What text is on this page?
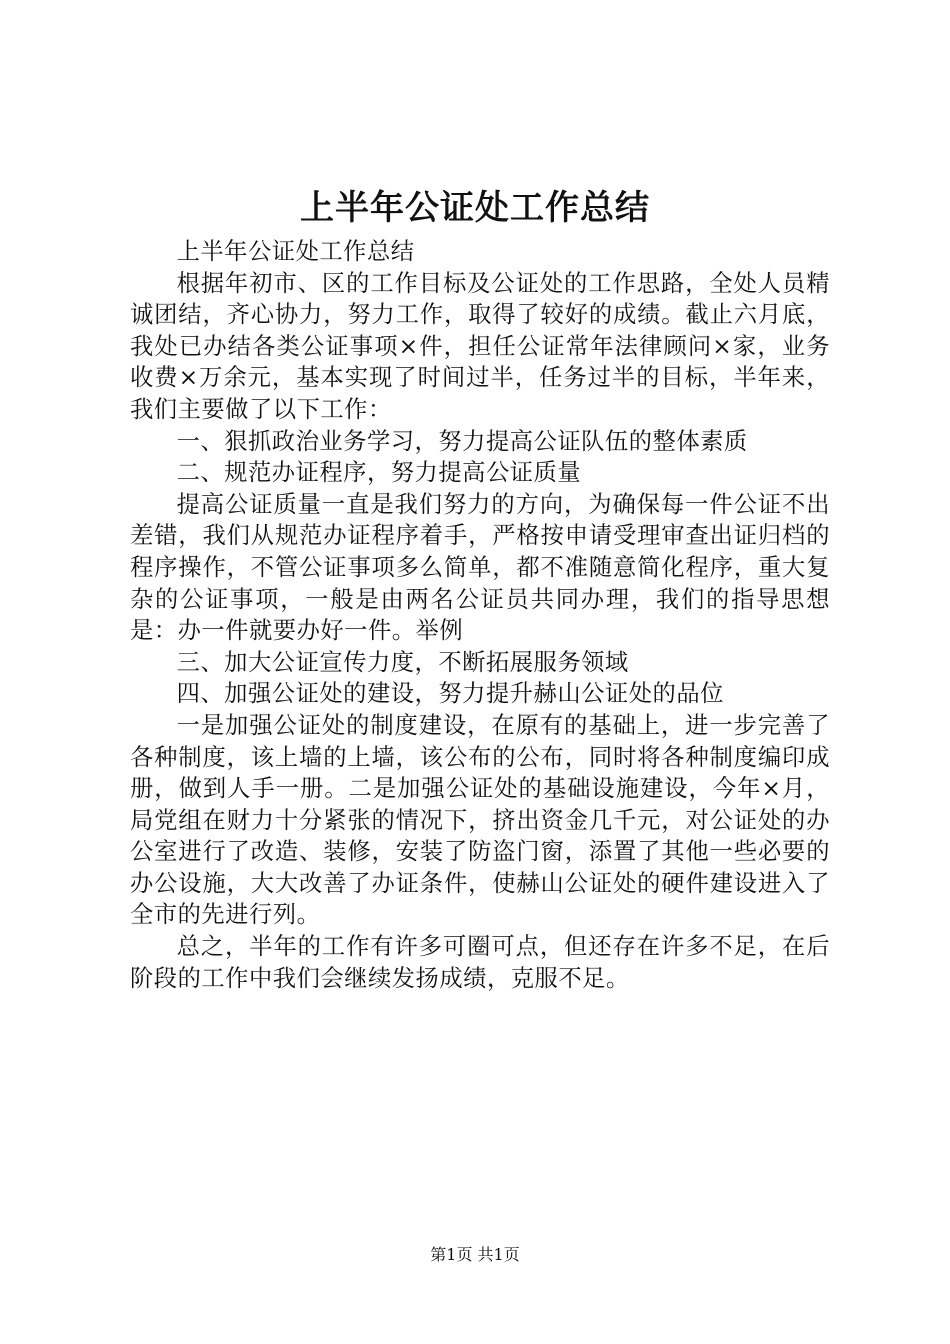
上半年公证处工作总结

上半年公证处工作总结

根据年初市、区的工作目标及公证处的工作思路，全处人员精诚团结，齐心协力，努力工作，取得了较好的成绩。截止六月底，我处已办结各类公证事项×件，担任公证常年法律顾问×家，业务收费×万余元，基本实现了时间过半，任务过半的目标，半年来，我们主要做了以下工作：

一、狠抓政治业务学习，努力提高公证队伍的整体素质

二、规范办证程序，努力提高公证质量

提高公证质量一直是我们努力的方向，为确保每一件公证不出差错，我们从规范办证程序着手，严格按申请受理审查出证归档的程序操作，不管公证事项多么简单，都不准随意简化程序，重大复杂的公证事项，一般是由两名公证员共同办理，我们的指导思想是：办一件就要办好一件。举例

三、加大公证宣传力度，不断拓展服务领域

四、加强公证处的建设，努力提升赫山公证处的品位

一是加强公证处的制度建设，在原有的基础上，进一步完善了各种制度，该上墙的上墙，该公布的公布，同时将各种制度编印成册，做到人手一册。二是加强公证处的基础设施建设，今年×月，局党组在财力十分紧张的情况下，挤出资金几千元，对公证处的办公室进行了改造、装修，安装了防盗门窗，添置了其他一些必要的办公设施，大大改善了办证条件，使赫山公证处的硬件建设进入了全市的先进行列。

总之，半年的工作有许多可圈可点，但还存在许多不足，在后阶段的工作中我们会继续发扬成绩，克服不足。

第1页 共1页
